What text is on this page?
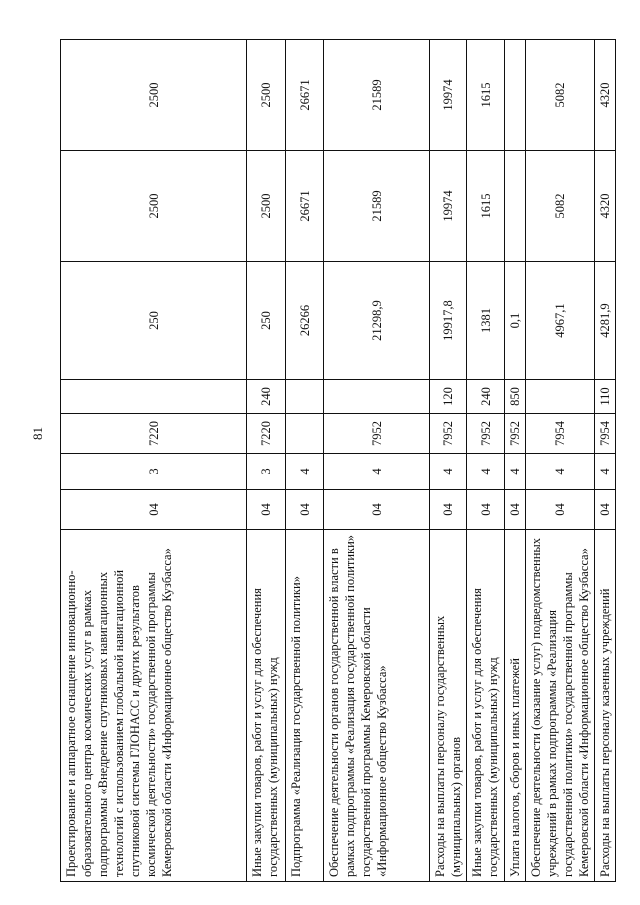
81
Проектирование и аппаратное оснащение инновационно-образовательного центра космических услуг в рамках подпрограммы «Внедрение спутниковых навигационных технологий с использованием глобальной навигационной спутниковой системы ГЛОНАСС и других результатов космической деятельности» государственной программы Кемеровской области «Информационное общество Кузбасса»	04	3	7220		250	2500	2500
Иные закупки товаров, работ и услуг для обеспечения государственных (муниципальных) нужд	04	3	7220	240	250	2500	2500
Подпрограмма «Реализация государственной политики»	04	4			26266	26671	26671
Обеспечение деятельности органов государственной власти в рамках подпрограммы «Реализация государственной политики» государственной программы Кемеровской области «Информационное общество Кузбасса»	04	4	7952		21298,9	21589	21589
Расходы на выплаты персоналу государственных (муниципальных) органов	04	4	7952	120	19917,8	19974	19974
Иные закупки товаров, работ и услуг для обеспечения государственных (муниципальных) нужд	04	4	7952	240	1381	1615	1615
Уплата налогов, сборов и иных платежей	04	4	7952	850	0,1		
Обеспечение деятельности (оказание услуг) подведомственных учреждений в рамках подпрограммы «Реализация государственной политики» государственной программы Кемеровской области «Информационное общество Кузбасса»	04	4	7954		4967,1	5082	5082
Расходы на выплаты персоналу казенных учреждений	04	4	7954	110	4281,9	4320	4320
